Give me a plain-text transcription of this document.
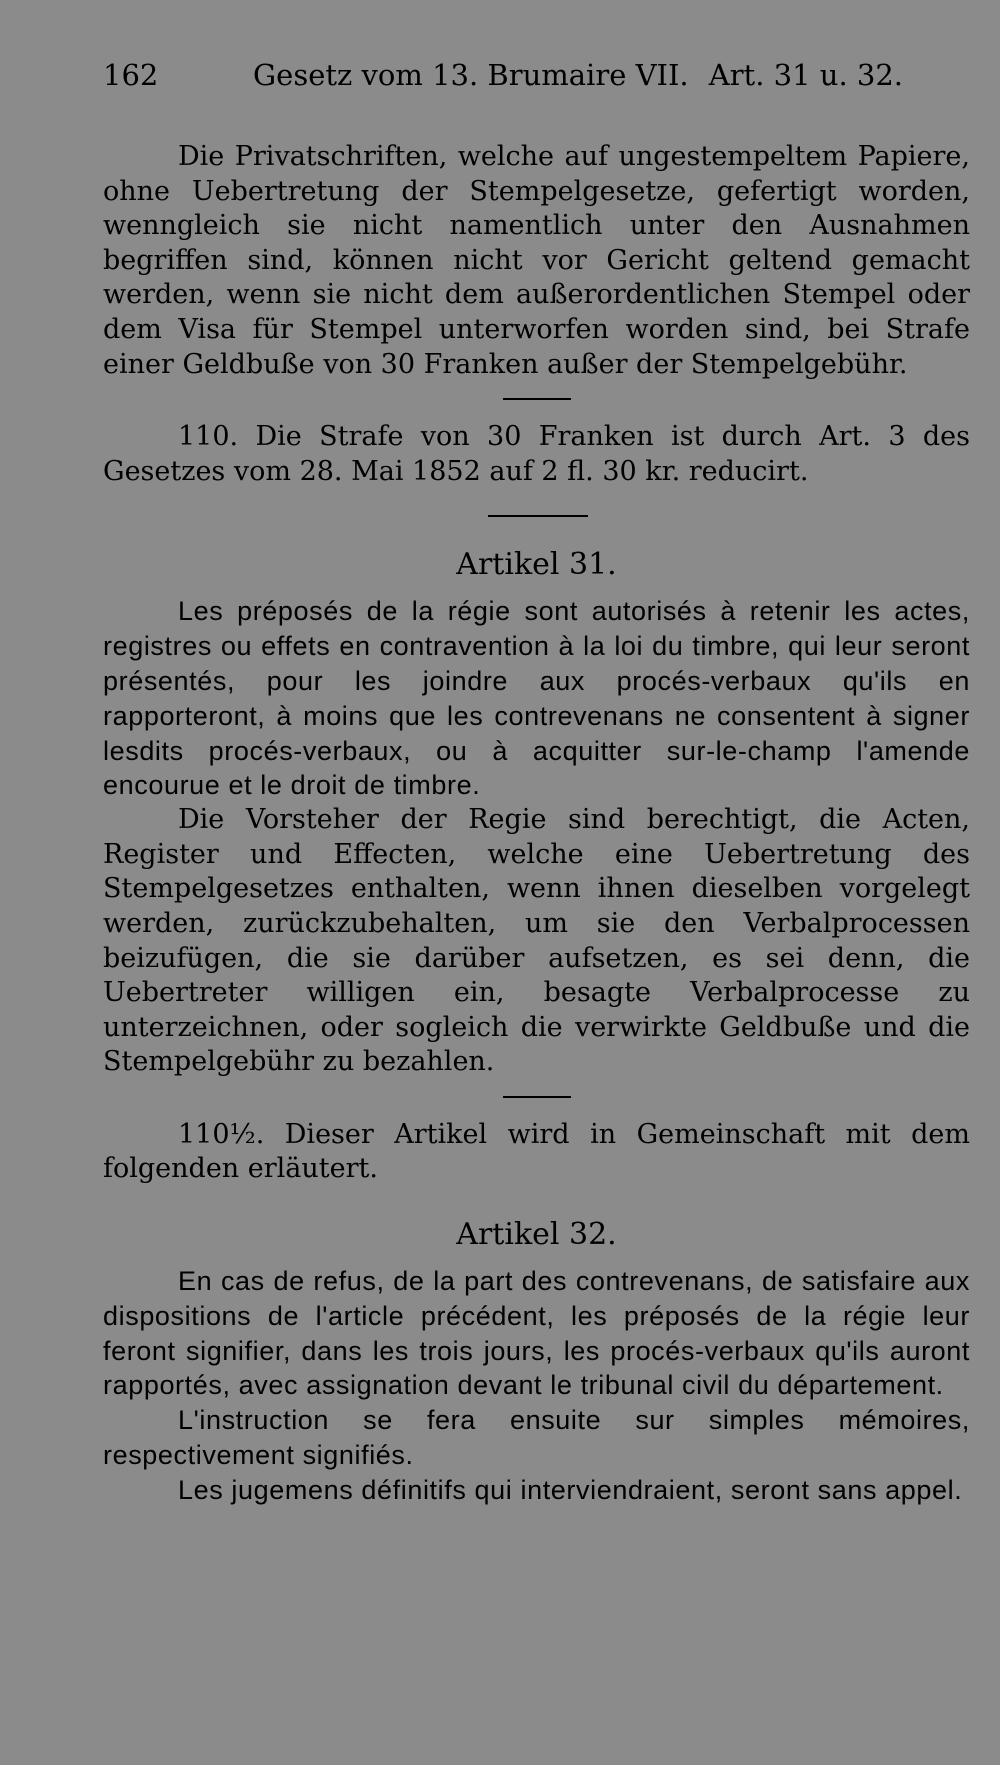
162	Gesetz vom 13. Brumaire VII. Art. 31 u. 32.

Die Privatschriften, welche auf ungestempeltem Papiere, ohne Uebertretung der Stempelgesetze, gefertigt worden, wenngleich sie nicht namentlich unter den Ausnahmen begriffen sind, können nicht vor Gericht geltend gemacht werden, wenn sie nicht dem außerordentlichen Stempel oder dem Visa für Stempel unterworfen worden sind, bei Strafe einer Geldbuße von 30 Franken außer der Stempelgebühr.

110. Die Strafe von 30 Franken ist durch Art. 3 des Gesetzes vom 28. Mai 1852 auf 2 fl. 30 kr. reducirt.

Artikel 31.

Les préposés de la régie sont autorisés à retenir les actes, registres ou effets en contravention à la loi du timbre, qui leur seront présentés, pour les joindre aux procés-verbaux qu'ils en rapporteront, à moins que les contrevenans ne consentent à signer lesdits procés-verbaux, ou à acquitter sur-le-champ l'amende encourue et le droit de timbre.

Die Vorsteher der Regie sind berechtigt, die Acten, Register und Effecten, welche eine Uebertretung des Stempelgesetzes enthalten, wenn ihnen dieselben vorgelegt werden, zurückzubehalten, um sie den Verbalprocessen beizufügen, die sie darüber aufsetzen, es sei denn, die Uebertreter willigen ein, besagte Verbalprocesse zu unterzeichnen, oder sogleich die verwirkte Geldbuße und die Stempelgebühr zu bezahlen.

110½. Dieser Artikel wird in Gemeinschaft mit dem folgenden erläutert.

Artikel 32.

En cas de refus, de la part des contrevenans, de satisfaire aux dispositions de l'article précédent, les préposés de la régie leur feront signifier, dans les trois jours, les procés-verbaux qu'ils auront rapportés, avec assignation devant le tribunal civil du département.

L'instruction se fera ensuite sur simples mémoires, respectivement signifiés.

Les jugemens définitifs qui interviendraient, seront sans appel.
